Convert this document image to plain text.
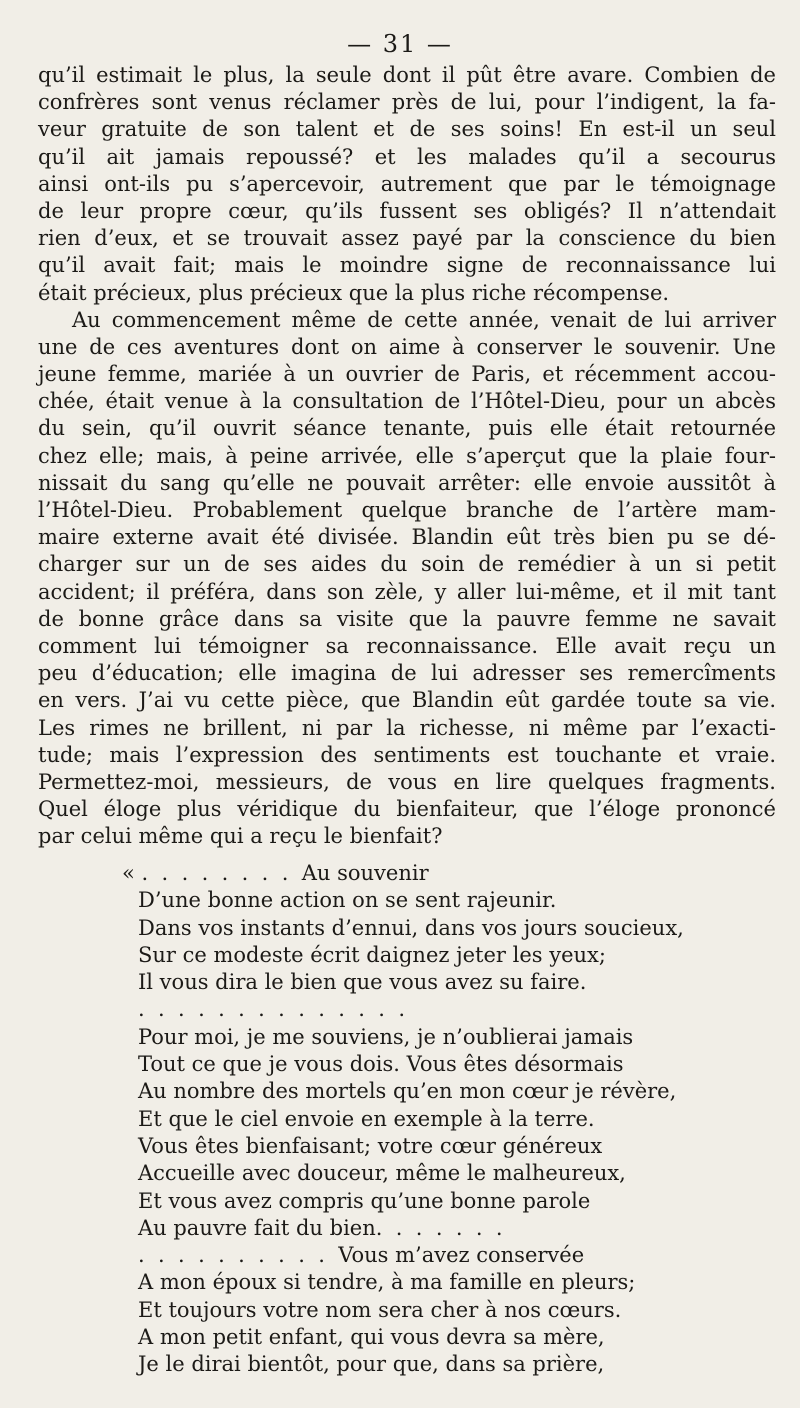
— 31 —
qu’il estimait le plus, la seule dont il pût être avare. Combien de
confrères sont venus réclamer près de lui, pour l’indigent, la fa-
veur gratuite de son talent et de ses soins! En est-il un seul
qu’il ait jamais repoussé? et les malades qu’il a secourus
ainsi ont-ils pu s’apercevoir, autrement que par le témoignage
de leur propre cœur, qu’ils fussent ses obligés? Il n’attendait
rien d’eux, et se trouvait assez payé par la conscience du bien
qu’il avait fait; mais le moindre signe de reconnaissance lui
était précieux, plus précieux que la plus riche récompense.
Au commencement même de cette année, venait de lui arriver
une de ces aventures dont on aime à conserver le souvenir. Une
jeune femme, mariée à un ouvrier de Paris, et récemment accou-
chée, était venue à la consultation de l’Hôtel-Dieu, pour un abcès
du sein, qu’il ouvrit séance tenante, puis elle était retournée
chez elle; mais, à peine arrivée, elle s’aperçut que la plaie four-
nissait du sang qu’elle ne pouvait arrêter: elle envoie aussitôt à
l’Hôtel-Dieu. Probablement quelque branche de l’artère mam-
maire externe avait été divisée. Blandin eût très bien pu se dé-
charger sur un de ses aides du soin de remédier à un si petit
accident; il préféra, dans son zèle, y aller lui-même, et il mit tant
de bonne grâce dans sa visite que la pauvre femme ne savait
comment lui témoigner sa reconnaissance. Elle avait reçu un
peu d’éducation; elle imagina de lui adresser ses remercîments
en vers. J’ai vu cette pièce, que Blandin eût gardée toute sa vie.
Les rimes ne brillent, ni par la richesse, ni même par l’exacti-
tude; mais l’expression des sentiments est touchante et vraie.
Permettez-moi, messieurs, de vous en lire quelques fragments.
Quel éloge plus véridique du bienfaiteur, que l’éloge prononcé
par celui même qui a reçu le bienfait?
« .  .  .  .  .  .  .  .  Au souvenir
D’une bonne action on se sent rajeunir.
Dans vos instants d’ennui, dans vos jours soucieux,
Sur ce modeste écrit daignez jeter les yeux;
Il vous dira le bien que vous avez su faire.
.  .  .  .  .  .  .  .  .  .  .  .  .  .
Pour moi, je me souviens, je n’oublierai jamais
Tout ce que je vous dois. Vous êtes désormais
Au nombre des mortels qu’en mon cœur je révère,
Et que le ciel envoie en exemple à la terre.
Vous êtes bienfaisant; votre cœur généreux
Accueille avec douceur, même le malheureux,
Et vous avez compris qu’une bonne parole
Au pauvre fait du bien.  .  .  .  .  .  .
.  .  .  .  .  .  .  .  .  .  Vous m’avez conservée
A mon époux si tendre, à ma famille en pleurs;
Et toujours votre nom sera cher à nos cœurs.
A mon petit enfant, qui vous devra sa mère,
Je le dirai bientôt, pour que, dans sa prière,
